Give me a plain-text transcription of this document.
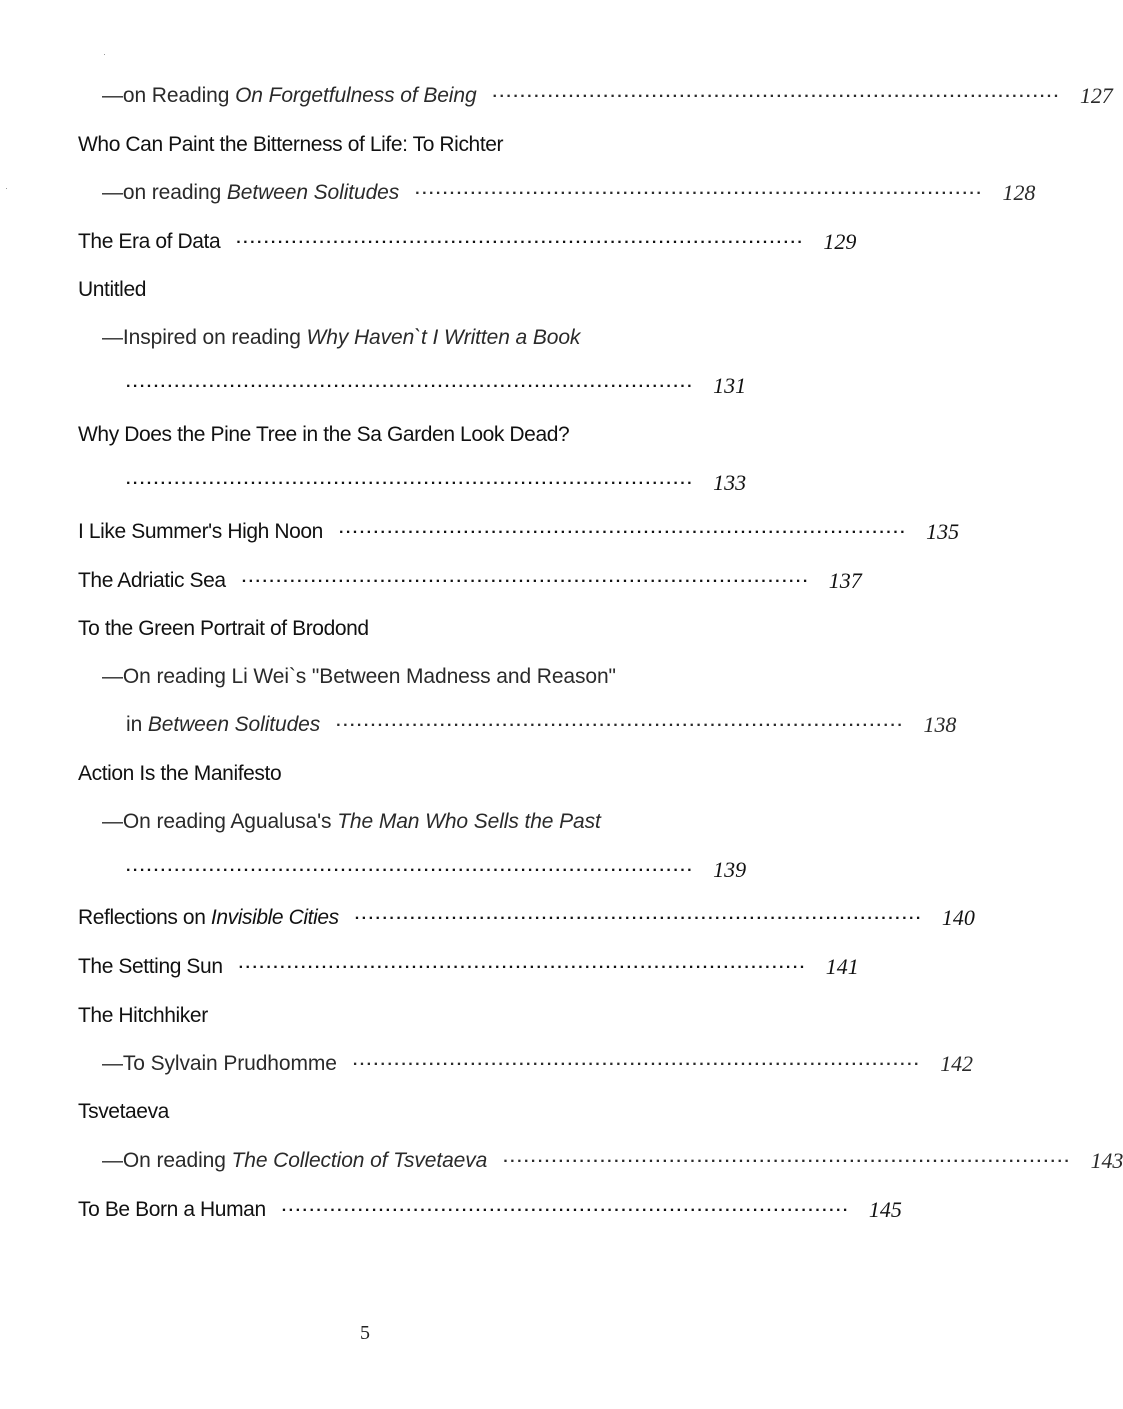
—on Reading On Forgetfulness of Being ·················································································· 127
Who Can Paint the Bitterness of Life: To Richter
—on reading Between Solitudes ·················································································· 128
The Era of Data ·················································································· 129
Untitled
—Inspired on reading Why Haven`t I Written a Book
·················································································· 131
Why Does the Pine Tree in the Sa Garden Look Dead?
·················································································· 133
I Like Summer's High Noon ·················································································· 135
The Adriatic Sea ·················································································· 137
To the Green Portrait of Brodond
—On reading Li Wei`s "Between Madness and Reason"
in Between Solitudes ·················································································· 138
Action Is the Manifesto
—On reading Agualusa's The Man Who Sells the Past
·················································································· 139
Reflections on Invisible Cities ·················································································· 140
The Setting Sun ·················································································· 141
The Hitchhiker
—To Sylvain Prudhomme ·················································································· 142
Tsvetaeva
—On reading The Collection of Tsvetaeva ·················································································· 143
To Be Born a Human ·················································································· 145
5
